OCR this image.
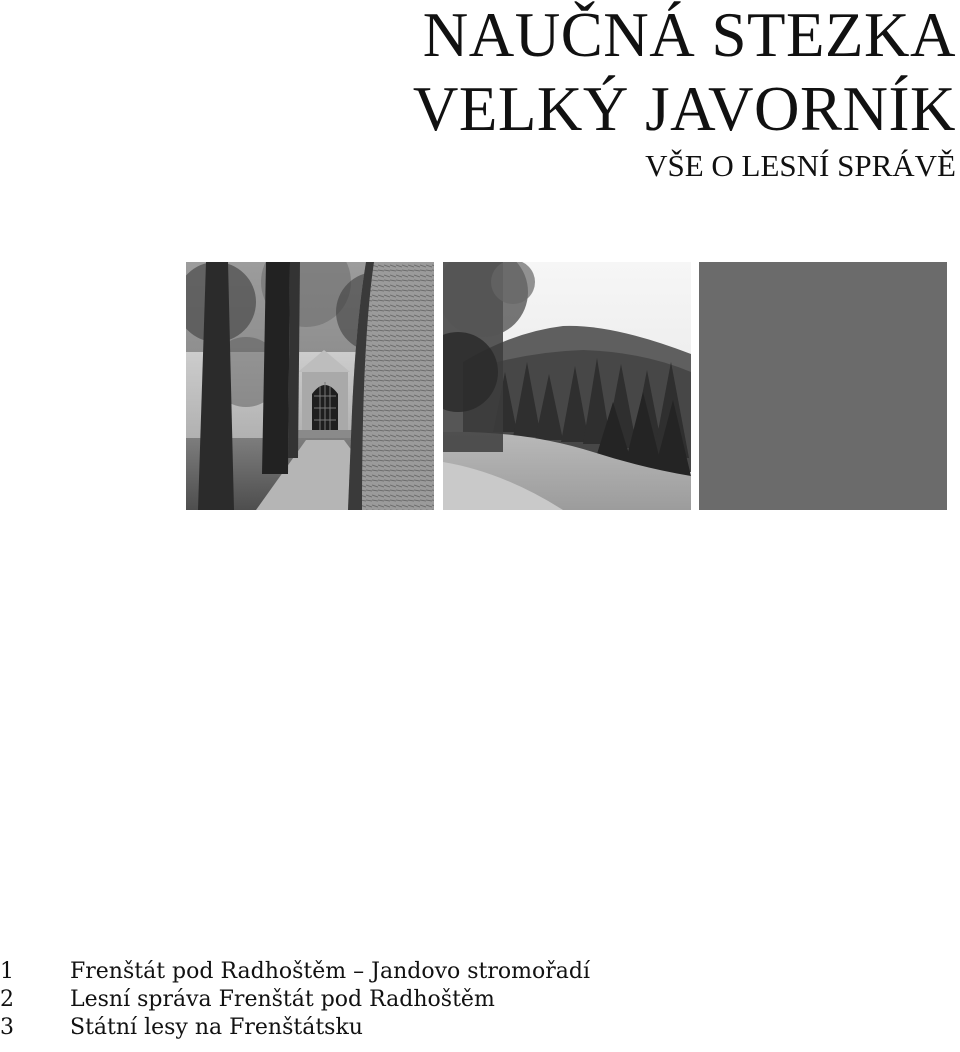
NAUČNÁ STEZKA
VELKÝ JAVORNÍK
VŠE O LESNÍ SPRÁVĚ
1	Frenštát pod Radhoštěm – Jandovo stromořadí
2	Lesní správa Frenštát pod Radhoštěm
3	Státní lesy na Frenštátsku
